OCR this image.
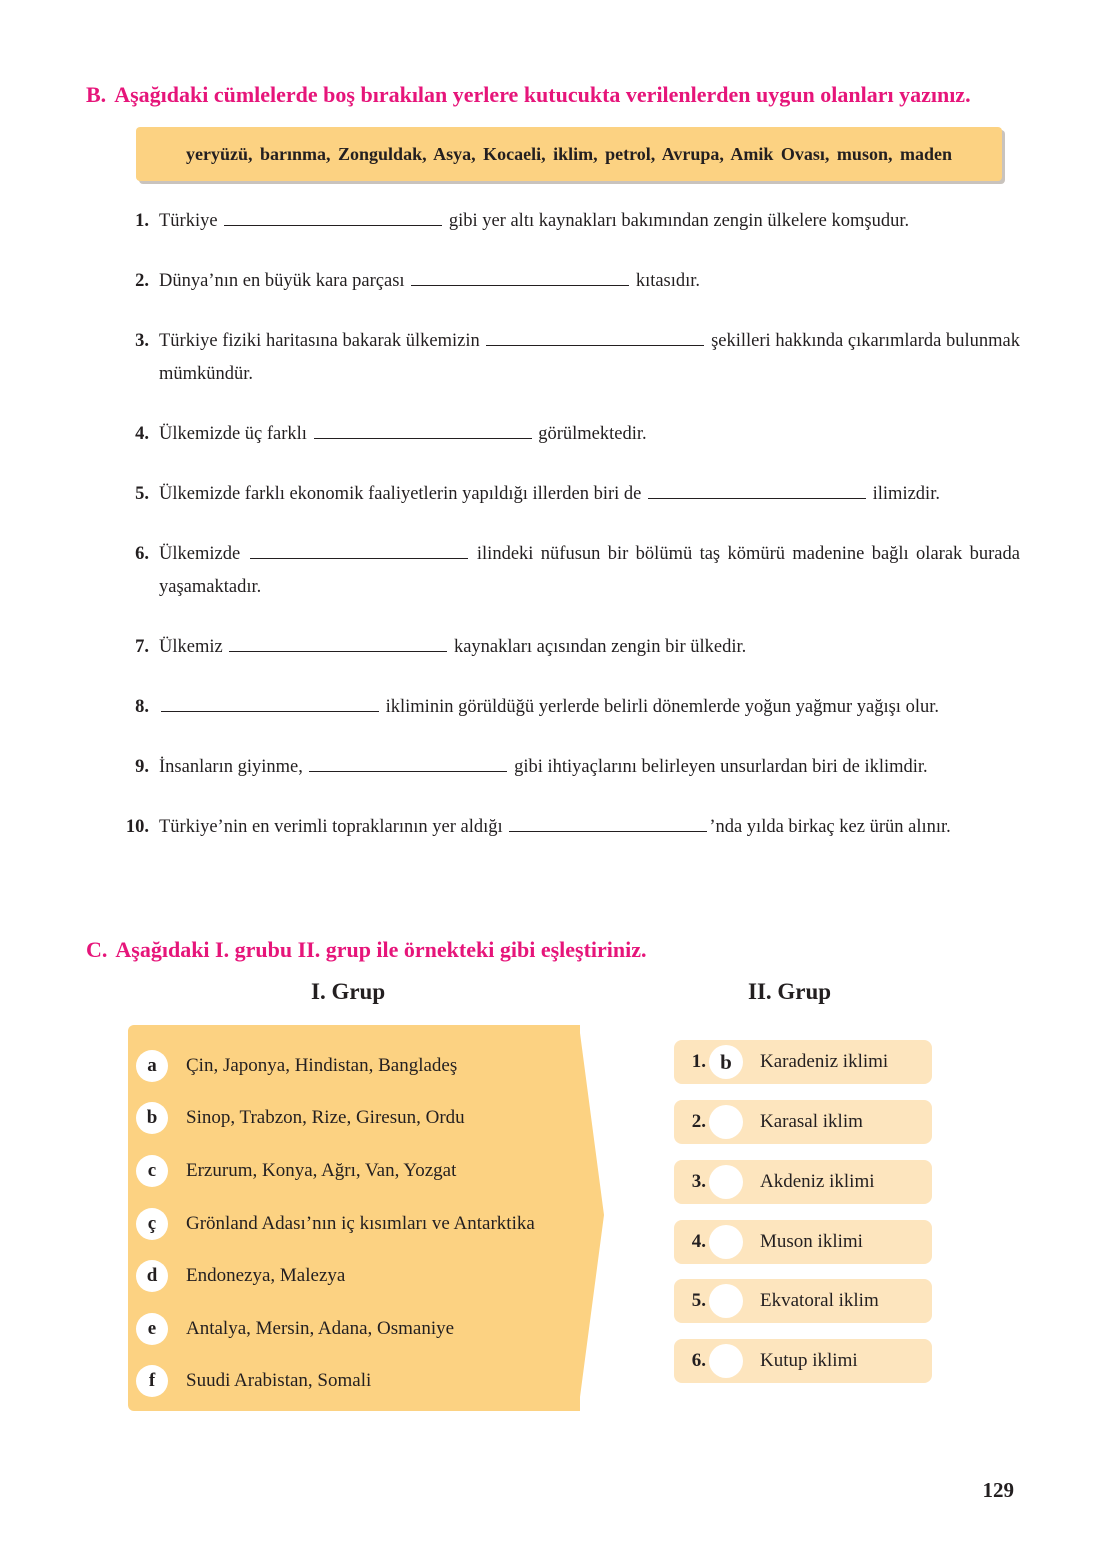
B. Aşağıdaki cümlelerde boş bırakılan yerlere kutucukta verilenlerden uygun olanları yazınız.
yeryüzü, barınma, Zonguldak, Asya, Kocaeli, iklim, petrol, Avrupa, Amik Ovası, muson, maden
1. Türkiye	gibi yer altı kaynakları bakımından zengin ülkelere komşudur.
2. Dünya’nın en büyük kara parçası	kıtasıdır.
3. Türkiye fiziki haritasına bakarak ülkemizin	şekilleri hakkında çıkarımlarda bulunmak mümkündür.
4. Ülkemizde üç farklı	görülmektedir.
5. Ülkemizde farklı ekonomik faaliyetlerin yapıldığı illerden biri de	ilimizdir.
6. Ülkemizde	ilindeki nüfusun bir bölümü taş kömürü madenine bağlı olarak burada yaşamaktadır.
7. Ülkemiz	kaynakları açısından zengin bir ülkedir.
8.	ikliminin görüldüğü yerlerde belirli dönemlerde yoğun yağmur yağışı olur.
9. İnsanların giyinme,	gibi ihtiyaçlarını belirleyen unsurlardan biri de iklimdir.
10. Türkiye’nin en verimli topraklarının yer aldığı	’nda yılda birkaç kez ürün alınır.
C. Aşağıdaki I. grubu II. grup ile örnekteki gibi eşleştiriniz.
I. Grup	II. Grup
a	Çin, Japonya, Hindistan, Bangladeş
b	Sinop, Trabzon, Rize, Giresun, Ordu
c	Erzurum, Konya, Ağrı, Van, Yozgat
ç	Grönland Adası’nın iç kısımları ve Antarktika
d	Endonezya, Malezya
e	Antalya, Mersin, Adana, Osmaniye
f	Suudi Arabistan, Somali
1. b	Karadeniz iklimi
2.	Karasal iklim
3.	Akdeniz iklimi
4.	Muson iklimi
5.	Ekvatoral iklim
6.	Kutup iklimi
129
